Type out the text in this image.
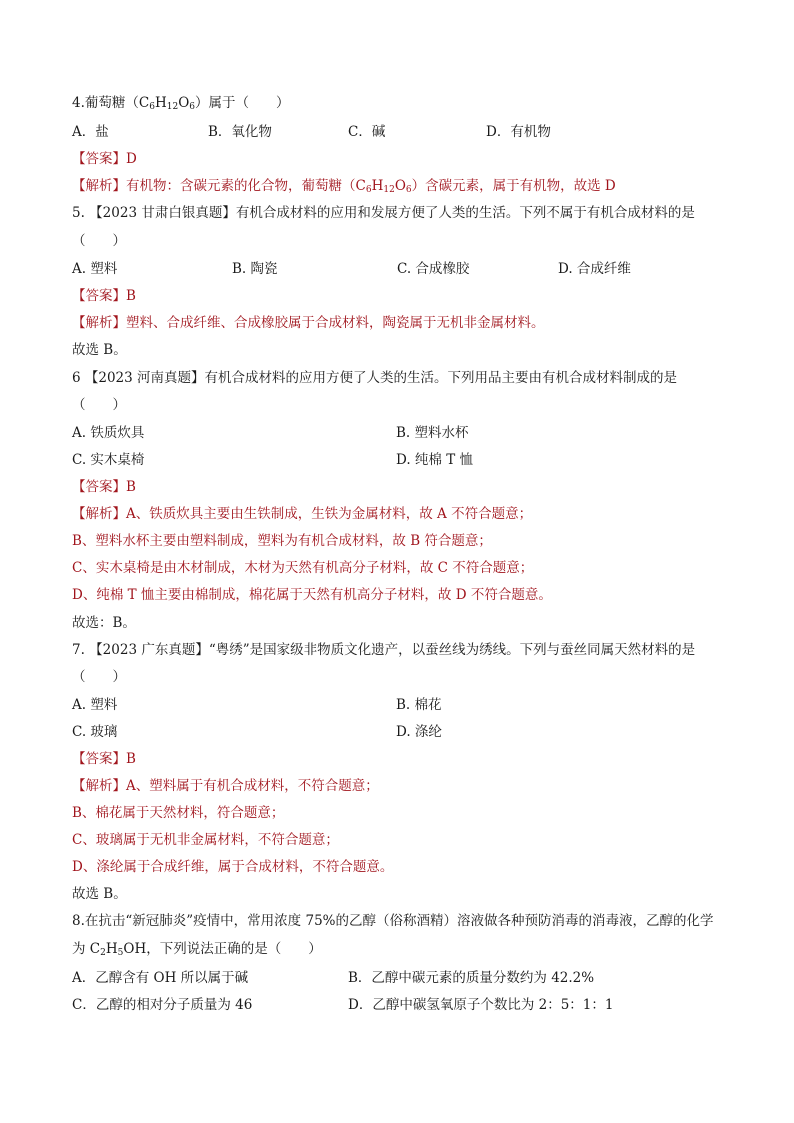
4.葡萄糖$(C_6H_{12}O_6)$属于（　　）
A．盐	B．氧化物	C．碱	D．有机物
【答案】D
【解析】有机物：含碳元素的化合物，葡萄糖$(C_6H_{12}O_6)$含碳元素，属于有机物，故选 D
5. 【2023 甘肃白银真题】有机合成材料的应用和发展方便了人类的生活。下列不属于有机合成材料的是
（　　）
A. 塑料	B. 陶瓷	C. 合成橡胶	D. 合成纤维
【答案】B
【解析】塑料、合成纤维、合成橡胶属于合成材料，陶瓷属于无机非金属材料。
故选 B。
6 【2023 河南真题】有机合成材料的应用方便了人类的生活。下列用品主要由有机合成材料制成的是
（　　）
A. 铁质炊具	B. 塑料水杯
C. 实木桌椅	D. 纯棉 T 恤
【答案】B
【解析】A、铁质炊具主要由生铁制成，生铁为金属材料，故 A 不符合题意；
B、塑料水杯主要由塑料制成，塑料为有机合成材料，故 B 符合题意；
C、实木桌椅是由木材制成，木材为天然有机高分子材料，故 C 不符合题意；
D、纯棉 T 恤主要由棉制成，棉花属于天然有机高分子材料，故 D 不符合题意。
故选：B。
7. 【2023 广东真题】“粤绣”是国家级非物质文化遗产，以蚕丝线为绣线。下列与蚕丝同属天然材料的是
（　　）
A. 塑料	B. 棉花
C. 玻璃	D. 涤纶
【答案】B
【解析】A、塑料属于有机合成材料，不符合题意；
B、棉花属于天然材料，符合题意；
C、玻璃属于无机非金属材料，不符合题意；
D、涤纶属于合成纤维，属于合成材料，不符合题意。
故选 B。
8.在抗击“新冠肺炎”疫情中，常用浓度 75%的乙醇（俗称酒精）溶液做各种预防消毒的消毒液，乙醇的化学
为 $C_2H_5OH$，下列说法正确的是（　　）
A．乙醇含有 OH 所以属于碱	B．乙醇中碳元素的质量分数约为 42.2%
C．乙醇的相对分子质量为 46	D．乙醇中碳氢氧原子个数比为 2：5：1：1
